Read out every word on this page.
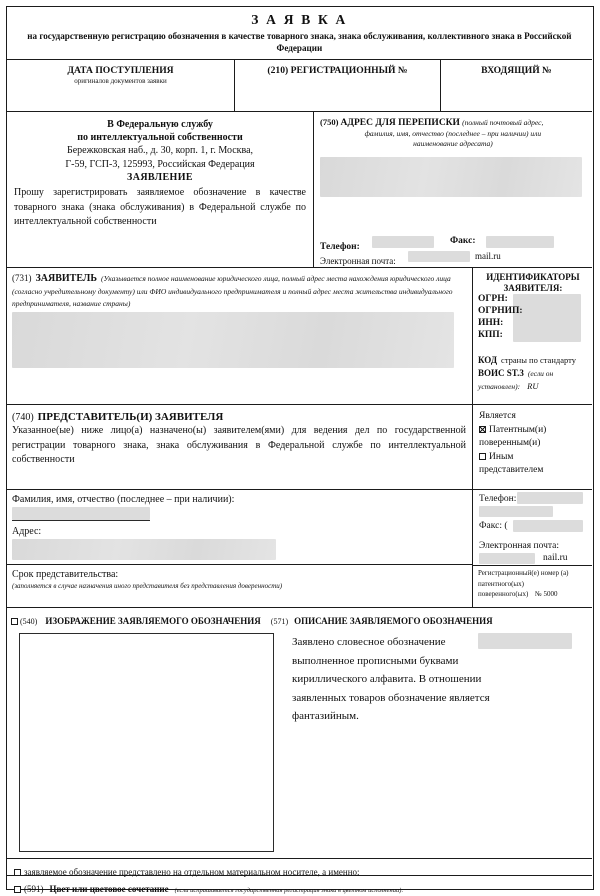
З А Я В К А
на государственную регистрацию обозначения в качестве товарного знака, знака обслуживания, коллективного знака в Российской Федерации
ДАТА ПОСТУПЛЕНИЯ
оригиналов документов заявки
(210) РЕГИСТРАЦИОННЫЙ №	ВХОДЯЩИЙ №
В Федеральную службу
по интеллектуальной собственности
Бережковская наб., д. 30, корп. 1, г. Москва,
Г-59, ГСП-3, 125993, Российская Федерация
ЗАЯВЛЕНИЕ
Прошу зарегистрировать заявляемое обозначение в качестве товарного знака (знака обслуживания) в Федеральной службе по интеллектуальной собственности
(750) АДРЕС ДЛЯ ПЕРЕПИСКИ (полный почтовый адрес,
фамилия, имя, отчество (последнее – при наличии) или
наименование адресата)
Телефон:
Факс:
Электронная почта:	mail.ru
(731) ЗАЯВИТЕЛЬ (Указывается полное наименование юридического лица, полный адрес места нахождения юридического лица (согласно учредительному документу) или ФИО индивидуального предпринимателя и полный адрес места жительства индивидуального предпринимателя, название страны)
ИДЕНТИФИКАТОРЫ
ЗАЯВИТЕЛЯ:
ОГРН:
ОГРНИП:
ИНН:
КПП:
КОД страны по стандарту ВОИС ST.3 (если он установлен): RU
(740) ПРЕДСТАВИТЕЛЬ(И) ЗАЯВИТЕЛЯ
Указанное(ые) ниже лицо(а) назначено(ы) заявителем(ями) для ведения дел по государственной регистрации товарного знака, знака обслуживания в Федеральной службе по интеллектуальной собственности
Является
Патентным(и)
поверенным(и)
Иным
представителем
Фамилия, имя, отчество (последнее – при наличии):
Адрес:
Срок представительства:
(заполняется в случае назначения иного представителя без представления доверенности)
Телефон:
Факс: (
Электронная почта:
nail.ru
Регистрационный(е) номер (а)
патентного(ых)
поверенного(ых) № 5000
(540) ИЗОБРАЖЕНИЕ ЗАЯВЛЯЕМОГО ОБОЗНАЧЕНИЯ (571) ОПИСАНИЕ ЗАЯВЛЯЕМОГО ОБОЗНАЧЕНИЯ
Заявлено словесное обозначение
выполненное прописными буквами
кириллического алфавита. В отношении
заявленных товаров обозначение является
фантазийным.
заявляемое обозначение представлено на отдельном материальном носителе, а именно:
(591) Цвет или цветовое сочетание (если испрашивается государственная регистрация знака в цветном исполнении):
